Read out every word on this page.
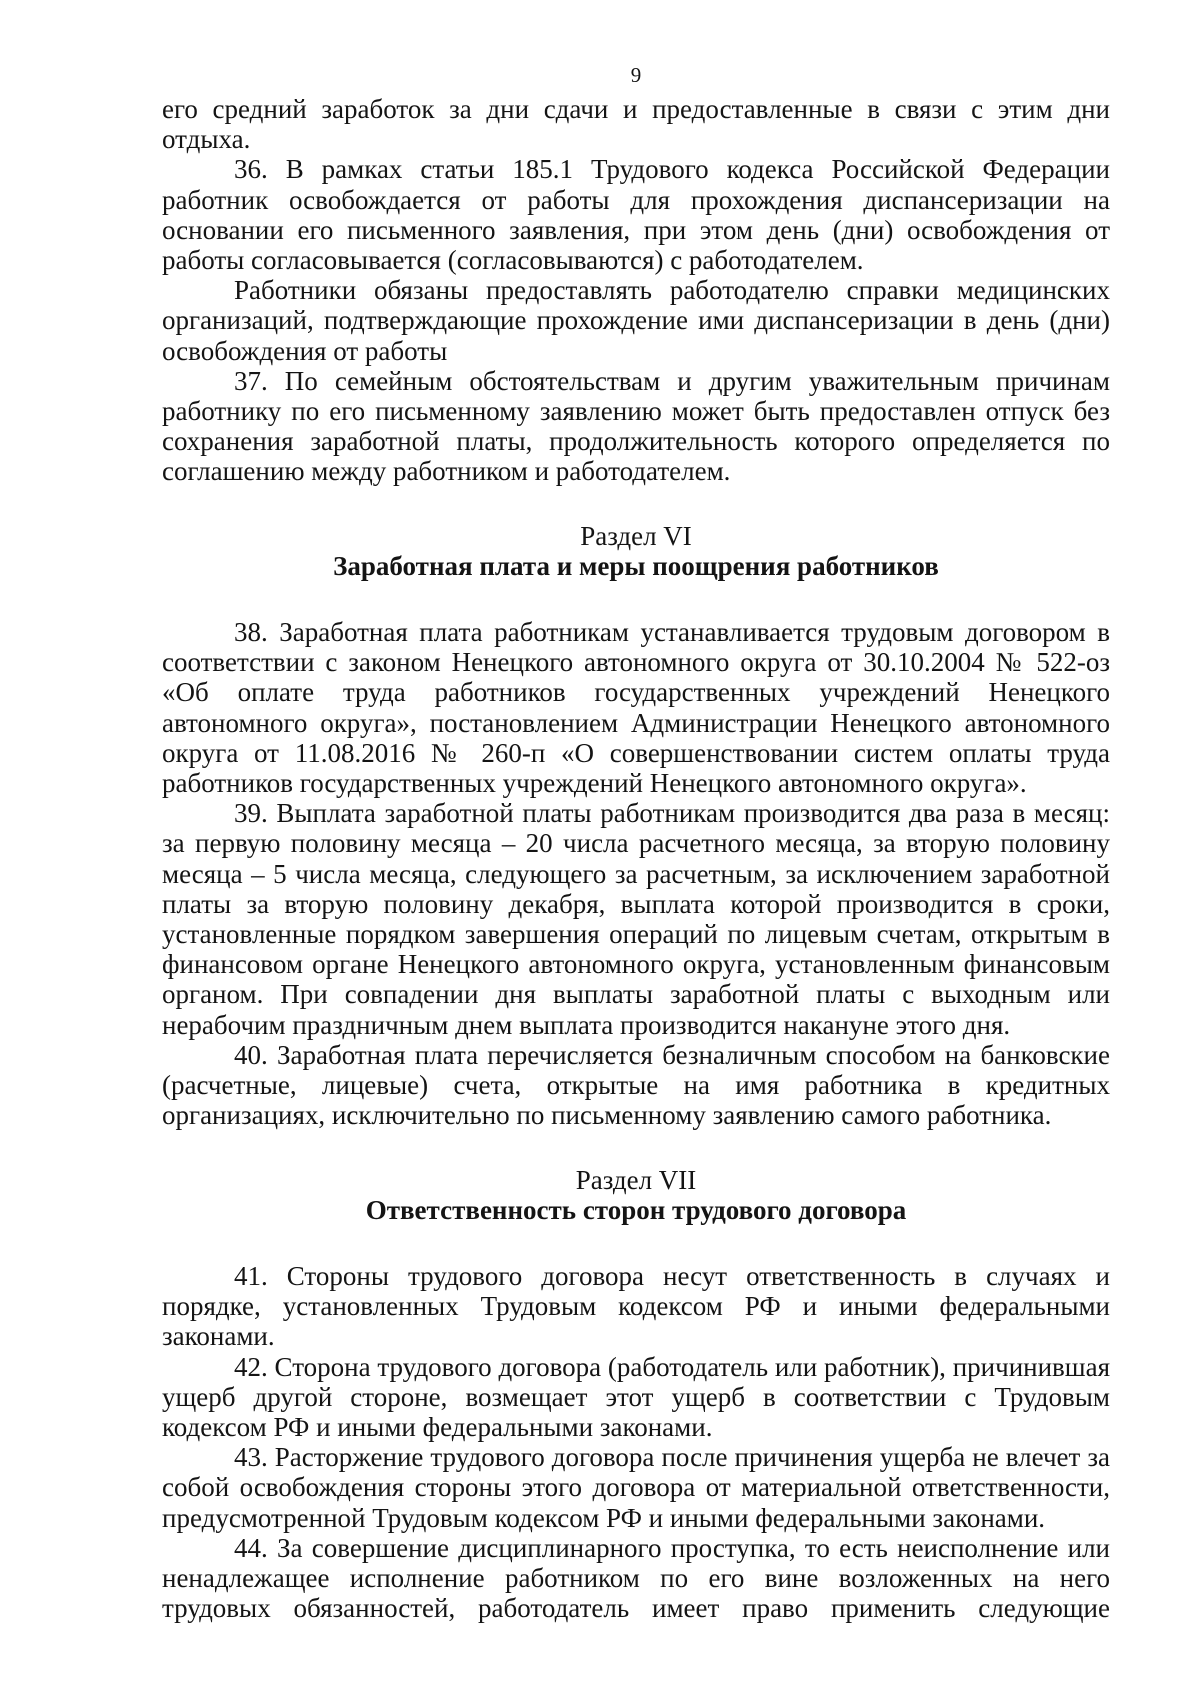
9

его средний заработок за дни сдачи и предоставленные в связи с этим дни отдыха.

36. В рамках статьи 185.1 Трудового кодекса Российской Федерации работник освобождается от работы для прохождения диспансеризации на основании его письменного заявления, при этом день (дни) освобождения от работы согласовывается (согласовываются) с работодателем.

Работники обязаны предоставлять работодателю справки медицинских организаций, подтверждающие прохождение ими диспансеризации в день (дни) освобождения от работы

37. По семейным обстоятельствам и другим уважительным причинам работнику по его письменному заявлению может быть предоставлен отпуск без сохранения заработной платы, продолжительность которого определяется по соглашению между работником и работодателем.

Раздел VI
Заработная плата и меры поощрения работников

38. Заработная плата работникам устанавливается трудовым договором в соответствии с законом Ненецкого автономного округа от 30.10.2004 № 522-оз «Об оплате труда работников государственных учреждений Ненецкого автономного округа», постановлением Администрации Ненецкого автономного округа от 11.08.2016 № 260-п «О совершенствовании систем оплаты труда работников государственных учреждений Ненецкого автономного округа».

39. Выплата заработной платы работникам производится два раза в месяц: за первую половину месяца – 20 числа расчетного месяца, за вторую половину месяца – 5 числа месяца, следующего за расчетным, за исключением заработной платы за вторую половину декабря, выплата которой производится в сроки, установленные порядком завершения операций по лицевым счетам, открытым в финансовом органе Ненецкого автономного округа, установленным финансовым органом. При совпадении дня выплаты заработной платы с выходным или нерабочим праздничным днем выплата производится накануне этого дня.

40. Заработная плата перечисляется безналичным способом на банковские (расчетные, лицевые) счета, открытые на имя работника в кредитных организациях, исключительно по письменному заявлению самого работника.

Раздел VII
Ответственность сторон трудового договора

41. Стороны трудового договора несут ответственность в случаях и порядке, установленных Трудовым кодексом РФ и иными федеральными законами.

42. Сторона трудового договора (работодатель или работник), причинившая ущерб другой стороне, возмещает этот ущерб в соответствии с Трудовым кодексом РФ и иными федеральными законами.

43. Расторжение трудового договора после причинения ущерба не влечет за собой освобождения стороны этого договора от материальной ответственности, предусмотренной Трудовым кодексом РФ и иными федеральными законами.

44. За совершение дисциплинарного проступка, то есть неисполнение или ненадлежащее исполнение работником по его вине возложенных на него трудовых обязанностей, работодатель имеет право применить следующие
